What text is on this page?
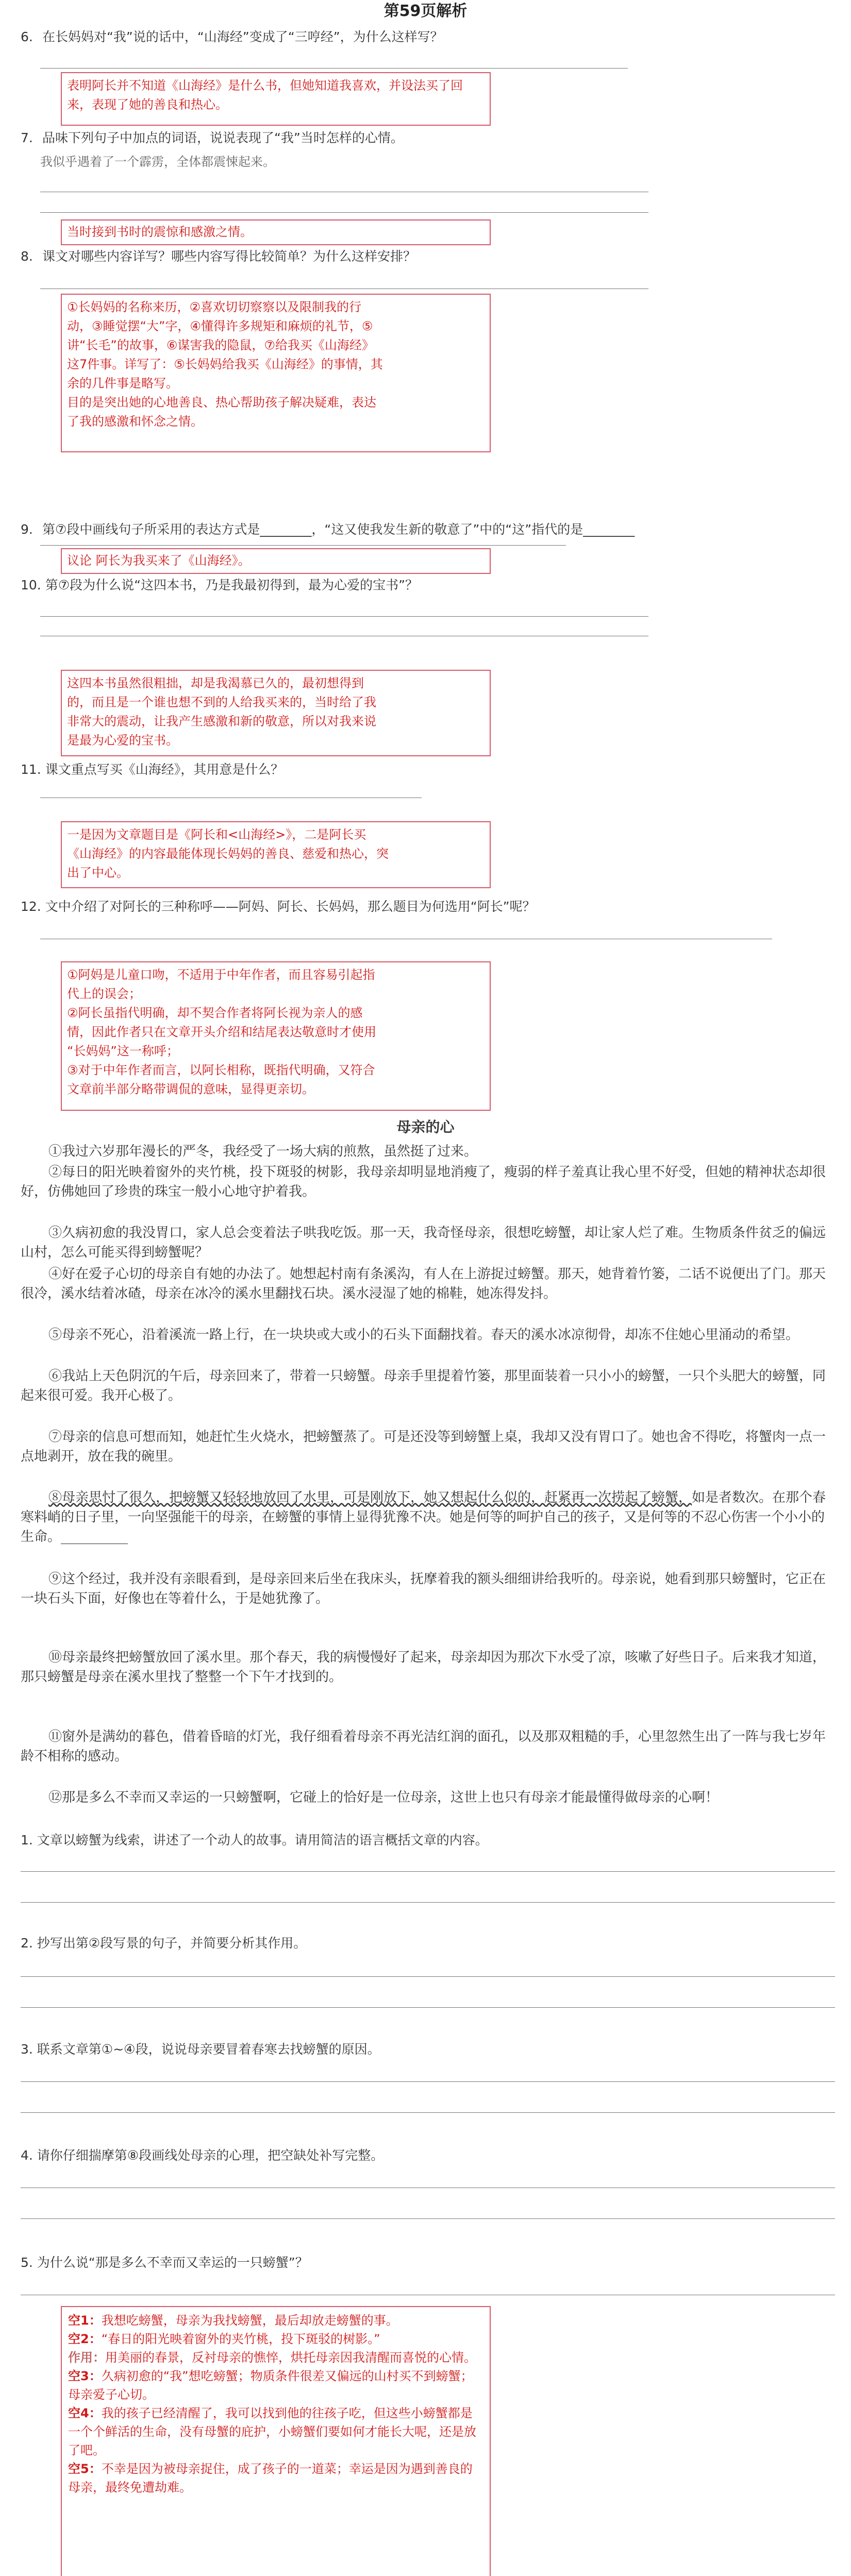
第59页解析
6. 在长妈妈对“我”说的话中，“山海经”变成了“三哼经”，为什么这样写？

表明阿长并不知道《山海经》是什么书，但她知道我喜欢，并设法买了回来，表现了她的善良和热心。

7. 品味下列句子中加点的词语，说说表现了“我”当时怎样的心情。
我似乎遇着了一个霹雳，全体都震悚起来。

当时接到书时的震惊和感激之情。

8. 课文对哪些内容详写？哪些内容写得比较简单？为什么这样安排？

①长妈妈的名称来历，②喜欢切切察察以及限制我的行

动，③睡觉摆“大”字，④懂得许多规矩和麻烦的礼节，⑤

讲“长毛”的故事，⑥谋害我的隐鼠，⑦给我买《山海经》

这7件事。详写了：⑤长妈妈给我买《山海经》的事情，其

余的几件事是略写。

目的是突出她的心地善良、热心帮助孩子解决疑难，表达

了我的感激和怀念之情。

9. 第⑦段中画线句子所采用的表达方式是________，“这又使我发生新的敬意了”中的“这”指代的是________

议论 阿长为我买来了《山海经》。

10. 第⑦段为什么说“这四本书，乃是我最初得到，最为心爱的宝书”？

这四本书虽然很粗拙，却是我渴慕已久的，最初想得到

的，而且是一个谁也想不到的人给我买来的，当时给了我

非常大的震动，让我产生感激和新的敬意，所以对我来说

是最为心爱的宝书。

11. 课文重点写买《山海经》，其用意是什么？

一是因为文章题目是《阿长和<山海经>》，二是阿长买

《山海经》的内容最能体现长妈妈的善良、慈爱和热心，突

出了中心。

12. 文中介绍了对阿长的三种称呼——阿妈、阿长、长妈妈，那么题目为何选用“阿长”呢？

①阿妈是儿童口吻，不适用于中年作者，而且容易引起指

代上的误会；

②阿长虽指代明确，却不契合作者将阿长视为亲人的感

情，因此作者只在文章开头介绍和结尾表达敬意时才使用

“长妈妈”这一称呼；

③对于中年作者而言，以阿长相称，既指代明确，又符合

文章前半部分略带调侃的意味，显得更亲切。

母亲的心

①我过六岁那年漫长的严冬，我经受了一场大病的煎熬，虽然挺了过来。

②每日的阳光映着窗外的夹竹桃，投下斑驳的树影，我母亲却明显地消瘦了，瘦弱的样子羞真让我心里不好受，但她的精神状态却很好，仿佛她回了珍贵的珠宝一般小心地守护着我。

③久病初愈的我没胃口，家人总会变着法子哄我吃饭。那一天，我奇怪母亲，很想吃螃蟹，却让家人烂了难。生物质条件贫乏的偏远山村，怎么可能买得到螃蟹呢？

④好在爱子心切的母亲自有她的办法了。她想起村南有条溪沟，有人在上游捉过螃蟹。那天，她背着竹篓，二话不说便出了门。那天很冷，溪水结着冰碴，母亲在冰冷的溪水里翻找石块。溪水浸湿了她的棉鞋，她冻得发抖。

⑤母亲不死心，沿着溪流一路上行，在一块块或大或小的石头下面翻找着。春天的溪水冰凉彻骨，却冻不住她心里涌动的希望。

⑥我站上天色阴沉的午后，母亲回来了，带着一只螃蟹。母亲手里提着竹篓，那里面装着一只小小的螃蟹，一只个头肥大的螃蟹，同起来很可爱。我开心极了。

⑦母亲的信息可想而知，她赶忙生火烧水，把螃蟹蒸了。可是还没等到螃蟹上桌，我却又没有胃口了。她也舍不得吃，将蟹肉一点一点地剥开，放在我的碗里。

⑧母亲思忖了很久，把螃蟹又轻轻地放回了水里，可是刚放下，她又想起什么似的，赶紧再一次捞起了螃蟹，如是者数次。在那个春寒料峭的日子里，一向坚强能干的母亲，在螃蟹的事情上显得犹豫不决。她是何等的呵护自己的孩子，又是何等的不忍心伤害一个小小的生命。__________

⑨这个经过，我并没有亲眼看到，是母亲回来后坐在我床头，抚摩着我的额头细细讲给我听的。母亲说，她看到那只螃蟹时，它正在一块石头下面，好像也在等着什么，于是她犹豫了。

⑩母亲最终把螃蟹放回了溪水里。那个春天，我的病慢慢好了起来，母亲却因为那次下水受了凉，咳嗽了好些日子。后来我才知道，那只螃蟹是母亲在溪水里找了整整一个下午才找到的。

⑪窗外是满幼的暮色，借着昏暗的灯光，我仔细看着母亲不再光洁红润的面孔，以及那双粗糙的手，心里忽然生出了一阵与我七岁年龄不相称的感动。

⑫那是多么不幸而又幸运的一只螃蟹啊，它碰上的恰好是一位母亲，这世上也只有母亲才能最懂得做母亲的心啊！

1. 文章以螃蟹为线索，讲述了一个动人的故事。请用简洁的语言概括文章的内容。
2. 抄写出第②段写景的句子，并简要分析其作用。
3. 联系文章第①~④段，说说母亲要冒着春寒去找螃蟹的原因。
4. 请你仔细揣摩第⑧段画线处母亲的心理，把空缺处补写完整。
5. 为什么说“那是多么不幸而又幸运的一只螃蟹”？

空1：我想吃螃蟹，母亲为我找螃蟹，最后却放走螃蟹的事。

空2：“春日的阳光映着窗外的夹竹桃，投下斑驳的树影。”

作用：用美丽的春景，反衬母亲的憔悴，烘托母亲因我清醒而喜悦的心情。

空3：久病初愈的“我”想吃螃蟹；物质条件很差又偏远的山村买不到螃蟹；母亲爱子心切。

空4：我的孩子已经清醒了，我可以找到他的往孩子吃，但这些小螃蟹都是一个个鲜活的生命，没有母蟹的庇护，小螃蟹们要如何才能长大呢，还是放了吧。

空5：不幸是因为被母亲捉住，成了孩子的一道菜；幸运是因为遇到善良的母亲，最终免遭劫难。
